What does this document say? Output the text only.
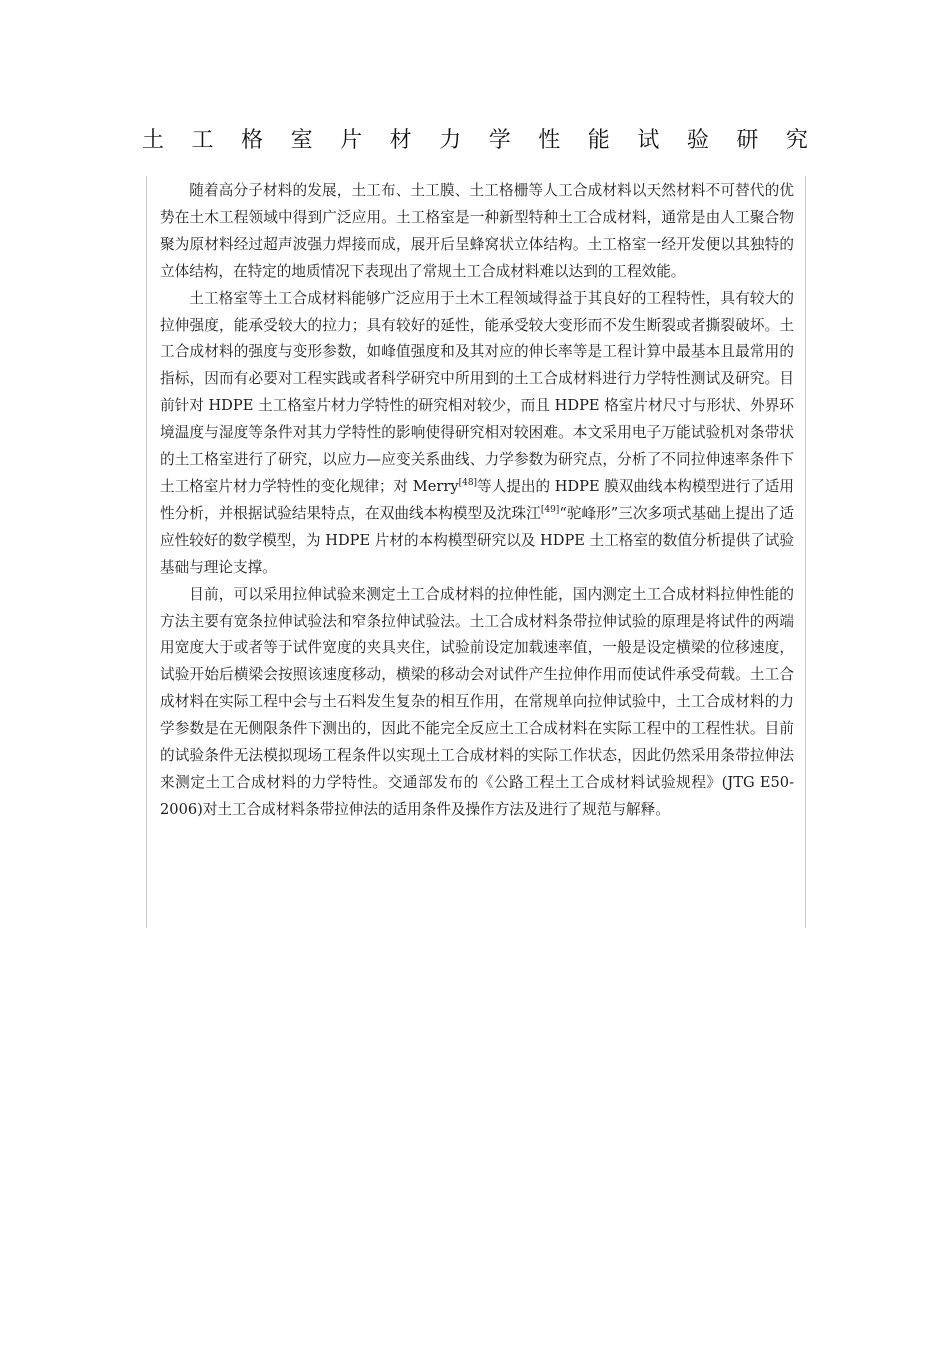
土 工 格 室 片 材 力 学 性 能 试 验 研 究

随着高分子材料的发展，土工布、土工膜、土工格栅等人工合成材料以天然材料不可替代的优势在土木工程领域中得到广泛应用。土工格室是一种新型特种土工合成材料，通常是由人工聚合物聚为原材料经过超声波强力焊接而成，展开后呈蜂窝状立体结构。土工格室一经开发便以其独特的立体结构，在特定的地质情况下表现出了常规土工合成材料难以达到的工程效能。

土工格室等土工合成材料能够广泛应用于土木工程领域得益于其良好的工程特性，具有较大的拉伸强度，能承受较大的拉力；具有较好的延性，能承受较大变形而不发生断裂或者撕裂破坏。土工合成材料的强度与变形参数，如峰值强度和及其对应的伸长率等是工程计算中最基本且最常用的指标，因而有必要对工程实践或者科学研究中所用到的土工合成材料进行力学特性测试及研究。目前针对 HDPE 土工格室片材力学特性的研究相对较少，而且 HDPE 格室片材尺寸与形状、外界环境温度与湿度等条件对其力学特性的影响使得研究相对较困难。本文采用电子万能试验机对条带状的土工格室进行了研究，以应力—应变关系曲线、力学参数为研究点，分析了不同拉伸速率条件下土工格室片材力学特性的变化规律；对 Merry[48]等人提出的 HDPE 膜双曲线本构模型进行了适用性分析，并根据试验结果特点，在双曲线本构模型及沈珠江[49]“驼峰形”三次多项式基础上提出了适应性较好的数学模型，为 HDPE 片材的本构模型研究以及 HDPE 土工格室的数值分析提供了试验基础与理论支撑。

目前，可以采用拉伸试验来测定土工合成材料的拉伸性能，国内测定土工合成材料拉伸性能的方法主要有宽条拉伸试验法和窄条拉伸试验法。土工合成材料条带拉伸试验的原理是将试件的两端用宽度大于或者等于试件宽度的夹具夹住，试验前设定加载速率值，一般是设定横梁的位移速度，试验开始后横梁会按照该速度移动，横梁的移动会对试件产生拉伸作用而使试件承受荷载。土工合成材料在实际工程中会与土石料发生复杂的相互作用，在常规单向拉伸试验中，土工合成材料的力学参数是在无侧限条件下测出的，因此不能完全反应土工合成材料在实际工程中的工程性状。目前的试验条件无法模拟现场工程条件以实现土工合成材料的实际工作状态，因此仍然采用条带拉伸法来测定土工合成材料的力学特性。交通部发布的《公路工程土工合成材料试验规程》(JTG E50-2006)对土工合成材料条带拉伸法的适用条件及操作方法及进行了规范与解释。
